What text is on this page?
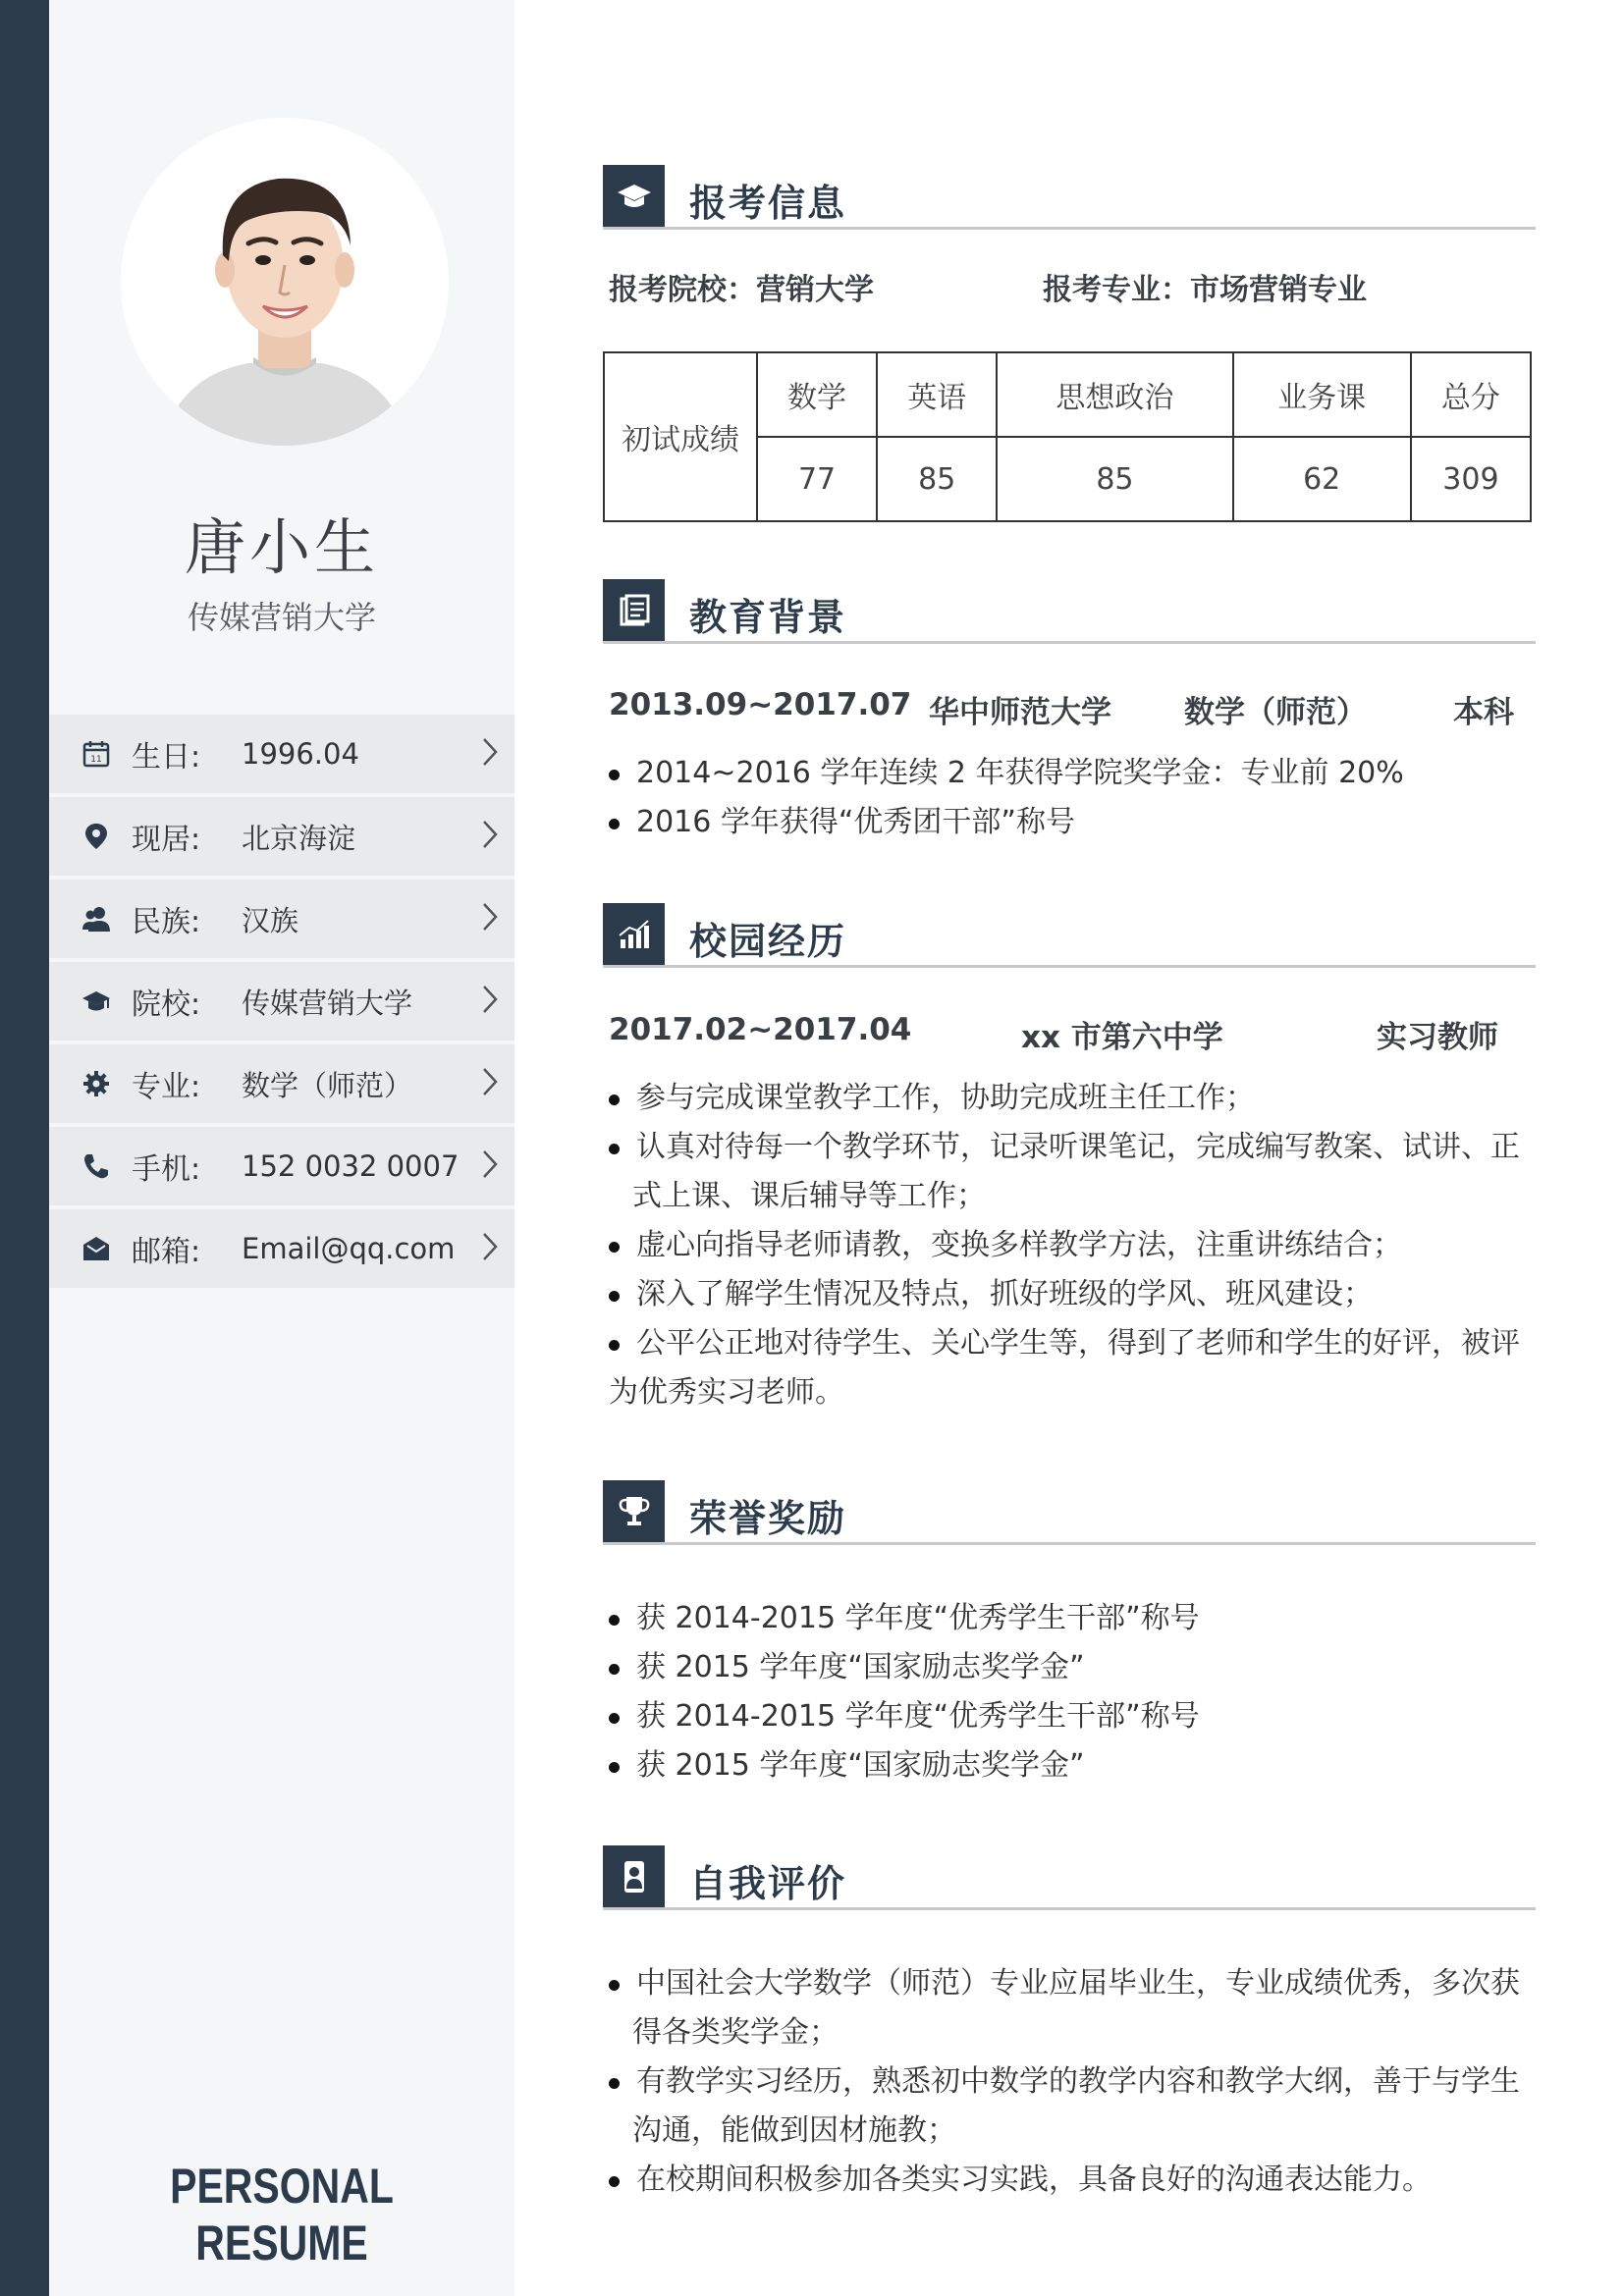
唐小生
传媒营销大学
11 生日:	1996.04
现居:	北京海淀
民族:	汉族
院校:	传媒营销大学
专业:	数学（师范）
手机:	152 0032 0007
邮箱:	Email@qq.com
PERSONAL RESUME
报考信息
报考院校：营销大学	报考专业：市场营销专业
初试成绩	数学	英语	思想政治	业务课	总分
	77	85	85	62	309
教育背景
2013.09~2017.07 华中师范大学 数学（师范）	本科
2014~2016 学年连续 2 年获得学院奖学金：专业前 20%
2016 学年获得“优秀团干部”称号
校园经历
2017.02~2017.04	xx 市第六中学	实习教师
参与完成课堂教学工作，协助完成班主任工作；
认真对待每一个教学环节，记录听课笔记，完成编写教案、试讲、正
式上课、课后辅导等工作；
虚心向指导老师请教，变换多样教学方法，注重讲练结合；
深入了解学生情况及特点，抓好班级的学风、班风建设；
公平公正地对待学生、关心学生等，得到了老师和学生的好评，被评
为优秀实习老师。
荣誉奖励
获 2014-2015 学年度“优秀学生干部”称号
获 2015 学年度“国家励志奖学金”
获 2014-2015 学年度“优秀学生干部”称号
获 2015 学年度“国家励志奖学金”
自我评价
中国社会大学数学（师范）专业应届毕业生，专业成绩优秀，多次获
得各类奖学金；
有教学实习经历，熟悉初中数学的教学内容和教学大纲，善于与学生
沟通，能做到因材施教；
在校期间积极参加各类实习实践，具备良好的沟通表达能力。
